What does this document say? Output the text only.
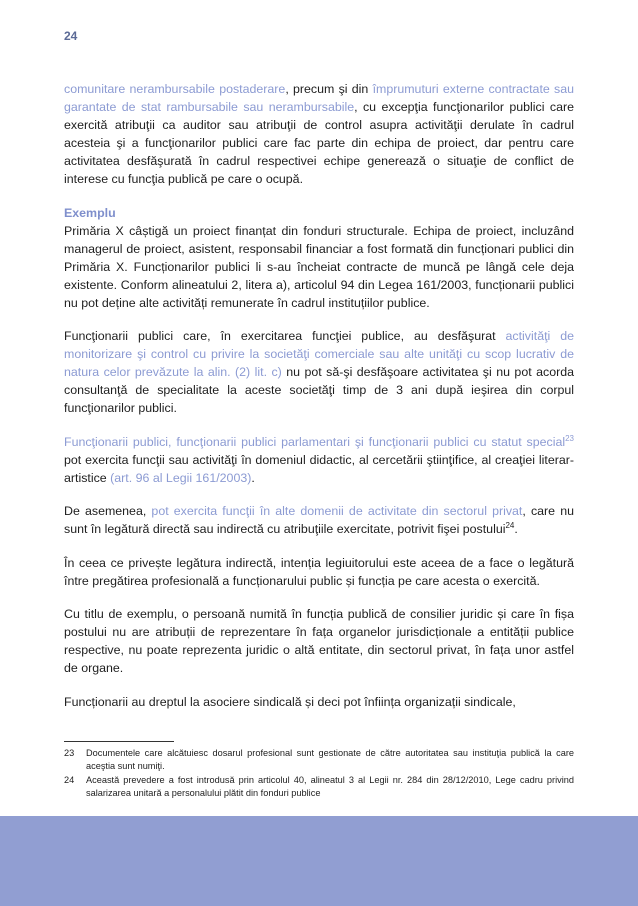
24

comunitare nerambursabile postaderare, precum şi din împrumuturi externe contractate sau garantate de stat rambursabile sau nerambursabile, cu excepţia funcţionarilor publici care exercită atribuţii ca auditor sau atribuţii de control asupra activităţii derulate în cadrul acesteia şi a funcţionarilor publici care fac parte din echipa de proiect, dar pentru care activitatea desfăşurată în cadrul respectivei echipe generează o situaţie de conflict de interese cu funcţia publică pe care o ocupă.

Exemplu
Primăria X câștigă un proiect finanțat din fonduri structurale. Echipa de proiect, incluzând managerul de proiect, asistent, responsabil financiar a fost formată din funcționari publici din Primăria X. Funcționarilor publici li s-au încheiat contracte de muncă pe lângă cele deja existente. Conform alineatului 2, litera a), articolul 94 din Legea 161/2003, funcționarii publici nu pot deține alte activități remunerate în cadrul instituțiilor publice.

Funcţionarii publici care, în exercitarea funcţiei publice, au desfăşurat activităţi de monitorizare şi control cu privire la societăţi comerciale sau alte unităţi cu scop lucrativ de natura celor prevăzute la alin. (2) lit. c) nu pot să-şi desfăşoare activitatea şi nu pot acorda consultanţă de specialitate la aceste societăţi timp de 3 ani după ieşirea din corpul funcţionarilor publici.

Funcţionarii publici, funcţionarii publici parlamentari şi funcţionarii publici cu statut special$^{23}$ pot exercita funcţii sau activităţi în domeniul didactic, al cercetării ştiinţifice, al creaţiei literar-artistice (art. 96 al Legii 161/2003).

De asemenea, pot exercita funcţii în alte domenii de activitate din sectorul privat, care nu sunt în legătură directă sau indirectă cu atribuţiile exercitate, potrivit fişei postului$^{24}$.

În ceea ce privește legătura indirectă, intenția legiuitorului este aceea de a face o legătură între pregătirea profesională a funcționarului public și funcția pe care acesta o exercită.

Cu titlu de exemplu, o persoană numită în funcția publică de consilier juridic și care în fișa postului nu are atribuții de reprezentare în fața organelor jurisdicționale a entității publice respective, nu poate reprezenta juridic o altă entitate, din sectorul privat, în fața unor astfel de organe.

Funcționarii au dreptul la asociere sindicală și deci pot înființa organizații sindicale,

23	Documentele care alcătuiesc dosarul profesional sunt gestionate de către autoritatea sau instituţia publică la care aceştia sunt numiţi.
24	Această prevedere a fost introdusă prin articolul 40, alineatul 3 al Legii nr. 284 din 28/12/2010, Lege cadru privind salarizarea unitară a personalului plătit din fonduri publice
